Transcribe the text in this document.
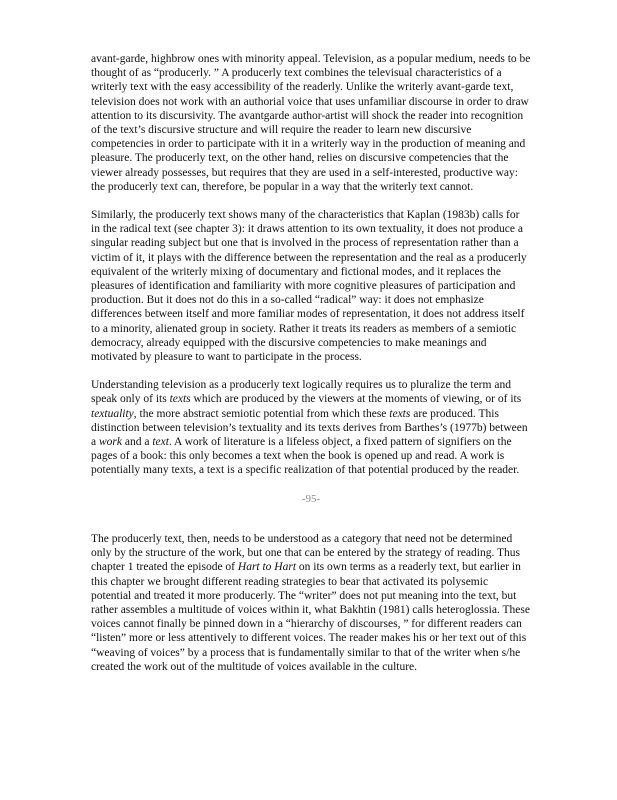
avant-garde, highbrow ones with minority appeal. Television, as a popular medium, needs to be thought of as “producerly. ” A producerly text combines the televisual characteristics of a writerly text with the easy accessibility of the readerly. Unlike the writerly avant-garde text, television does not work with an authorial voice that uses unfamiliar discourse in order to draw attention to its discursivity. The avantgarde author-artist will shock the reader into recognition of the text’s discursive structure and will require the reader to learn new discursive competencies in order to participate with it in a writerly way in the production of meaning and pleasure. The producerly text, on the other hand, relies on discursive competencies that the viewer already possesses, but requires that they are used in a self-interested, productive way: the producerly text can, therefore, be popular in a way that the writerly text cannot.

Similarly, the producerly text shows many of the characteristics that Kaplan (1983b) calls for in the radical text (see chapter 3): it draws attention to its own textuality, it does not produce a singular reading subject but one that is involved in the process of representation rather than a victim of it, it plays with the difference between the representation and the real as a producerly equivalent of the writerly mixing of documentary and fictional modes, and it replaces the pleasures of identification and familiarity with more cognitive pleasures of participation and production. But it does not do this in a so-called “radical” way: it does not emphasize differences between itself and more familiar modes of representation, it does not address itself to a minority, alienated group in society. Rather it treats its readers as members of a semiotic democracy, already equipped with the discursive competencies to make meanings and motivated by pleasure to want to participate in the process.

Understanding television as a producerly text logically requires us to pluralize the term and speak only of its texts which are produced by the viewers at the moments of viewing, or of its textuality, the more abstract semiotic potential from which these texts are produced. This distinction between television’s textuality and its texts derives from Barthes’s (1977b) between a work and a text. A work of literature is a lifeless object, a fixed pattern of signifiers on the pages of a book: this only becomes a text when the book is opened up and read. A work is potentially many texts, a text is a specific realization of that potential produced by the reader.

-95-

The producerly text, then, needs to be understood as a category that need not be determined only by the structure of the work, but one that can be entered by the strategy of reading. Thus chapter 1 treated the episode of Hart to Hart on its own terms as a readerly text, but earlier in this chapter we brought different reading strategies to bear that activated its polysemic potential and treated it more producerly. The “writer” does not put meaning into the text, but rather assembles a multitude of voices within it, what Bakhtin (1981) calls heteroglossia. These voices cannot finally be pinned down in a “hierarchy of discourses, ” for different readers can “listen” more or less attentively to different voices. The reader makes his or her text out of this “weaving of voices” by a process that is fundamentally similar to that of the writer when s/he created the work out of the multitude of voices available in the culture.
